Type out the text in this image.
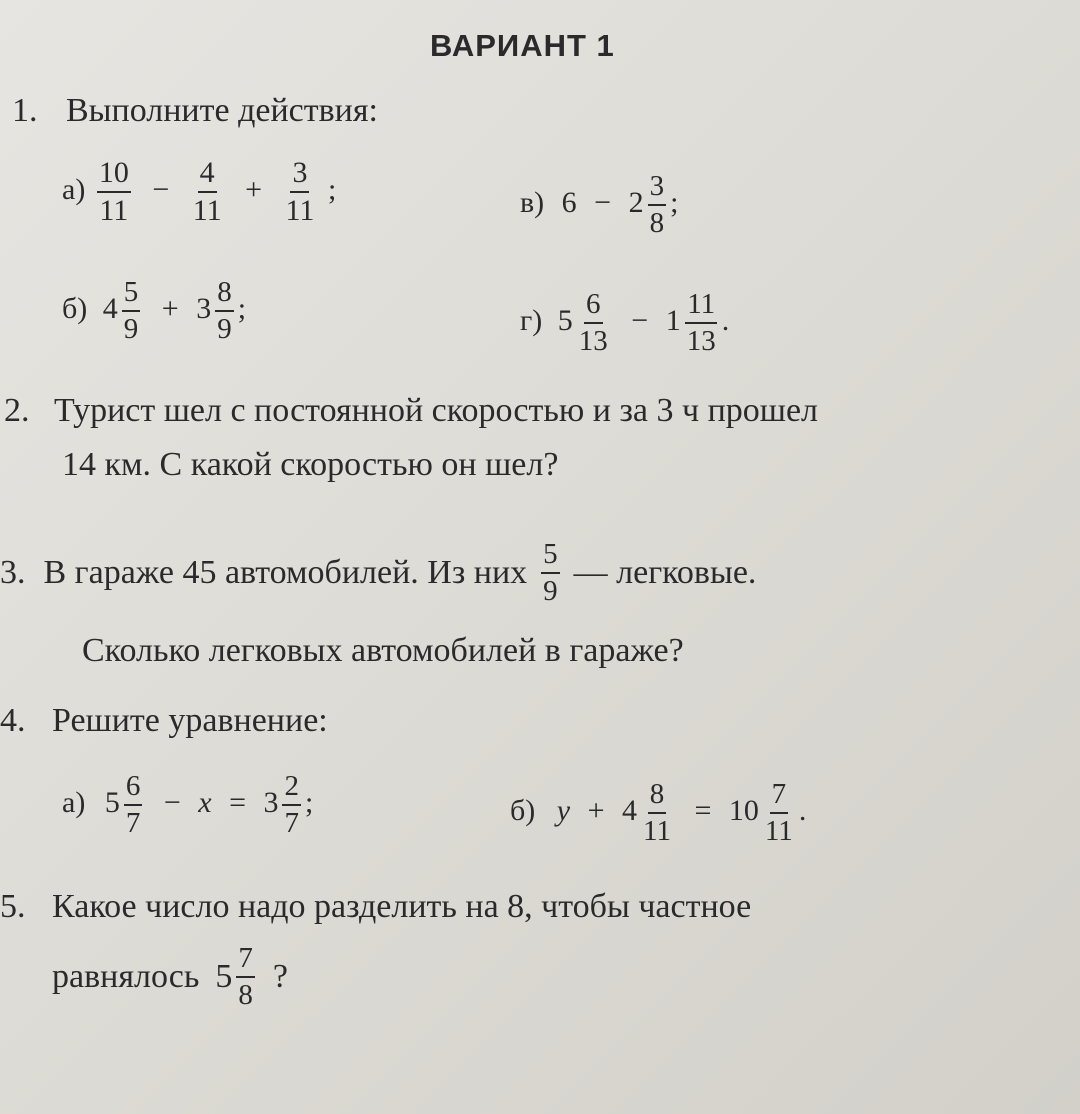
ВАРИАНТ 1
1. Выполните действия:
$а) \frac{10}{11} - \frac{4}{11} + \frac{3}{11}$ ;	в) $6 - 2 \frac{3}{8}$ ;
б) $4 \frac{5}{9} + 3 \frac{8}{9}$ ;	г) $5 \frac{6}{13} - 1 \frac{11}{13}$ .
2. Турист шел с постоянной скоростью и за 3 ч прошел
14 км. С какой скоростью он шел?
3. В гараже 45 автомобилей. Из них $\frac{5}{9}$ — легковые.
Сколько легковых автомобилей в гараже?
4. Решите уравнение:
а) $5 \frac{6}{7} - x = 3 \frac{2}{7}$ ;	б) $y + 4 \frac{8}{11} = 10 \frac{7}{11}$ .
5. Какое число надо разделить на 8, чтобы частное
равнялось $5 \frac{7}{8}$ ?
